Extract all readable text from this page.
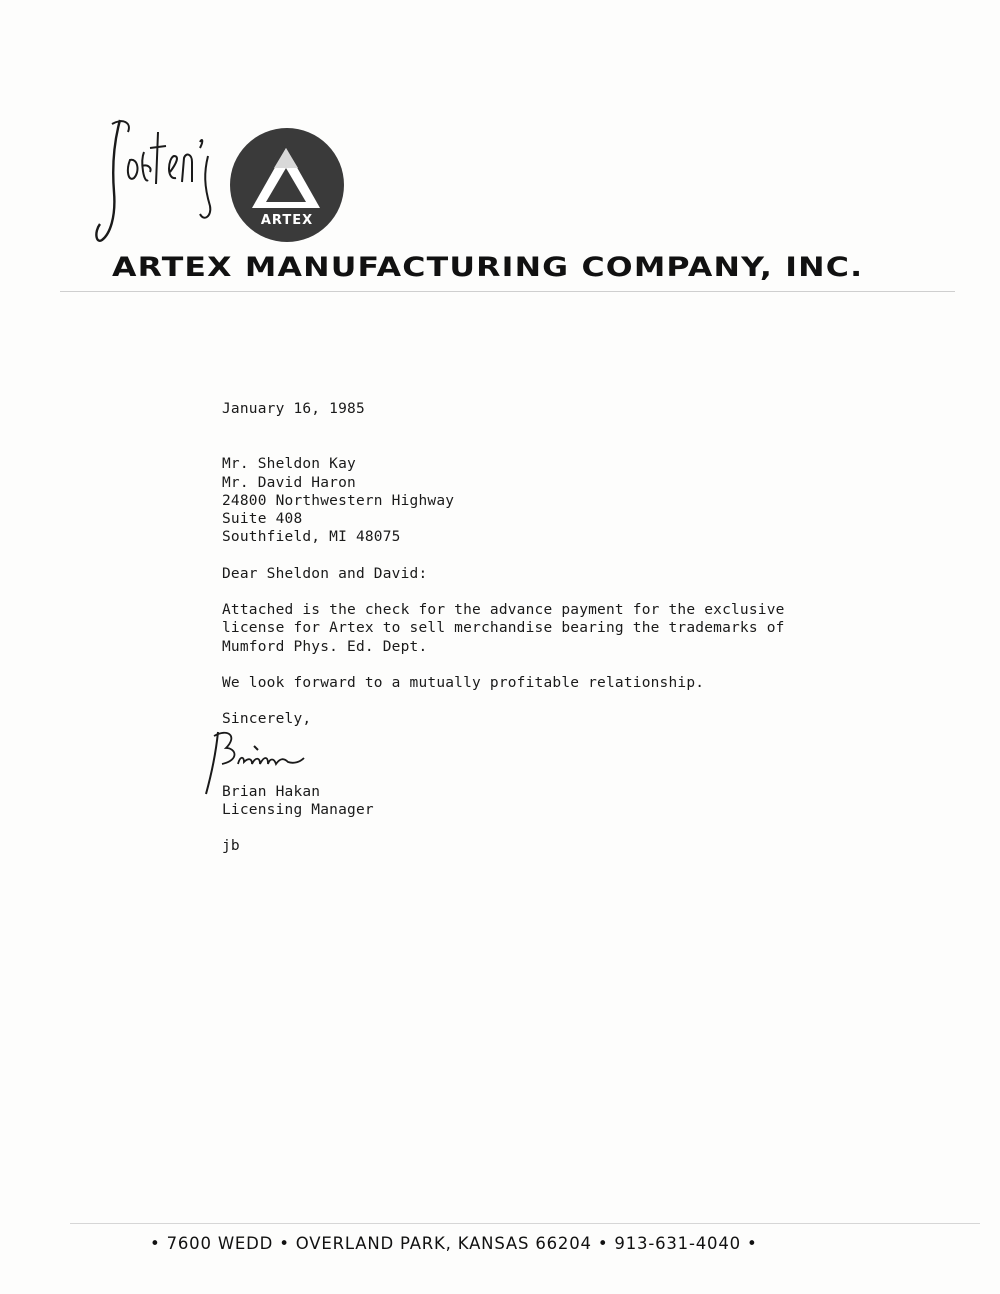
ARTEX
ARTEX MANUFACTURING COMPANY, INC.
January 16, 1985
Mr. Sheldon Kay
Mr. David Haron
24800 Northwestern Highway
Suite 408
Southfield, MI 48075
Dear Sheldon and David:
Attached is the check for the advance payment for the exclusive
license for Artex to sell merchandise bearing the trademarks of
Mumford Phys. Ed. Dept.
We look forward to a mutually profitable relationship.
Sincerely,
Brian Hakan
Licensing Manager
jb
• 7600 WEDD • OVERLAND PARK, KANSAS 66204 • 913-631-4040 •
